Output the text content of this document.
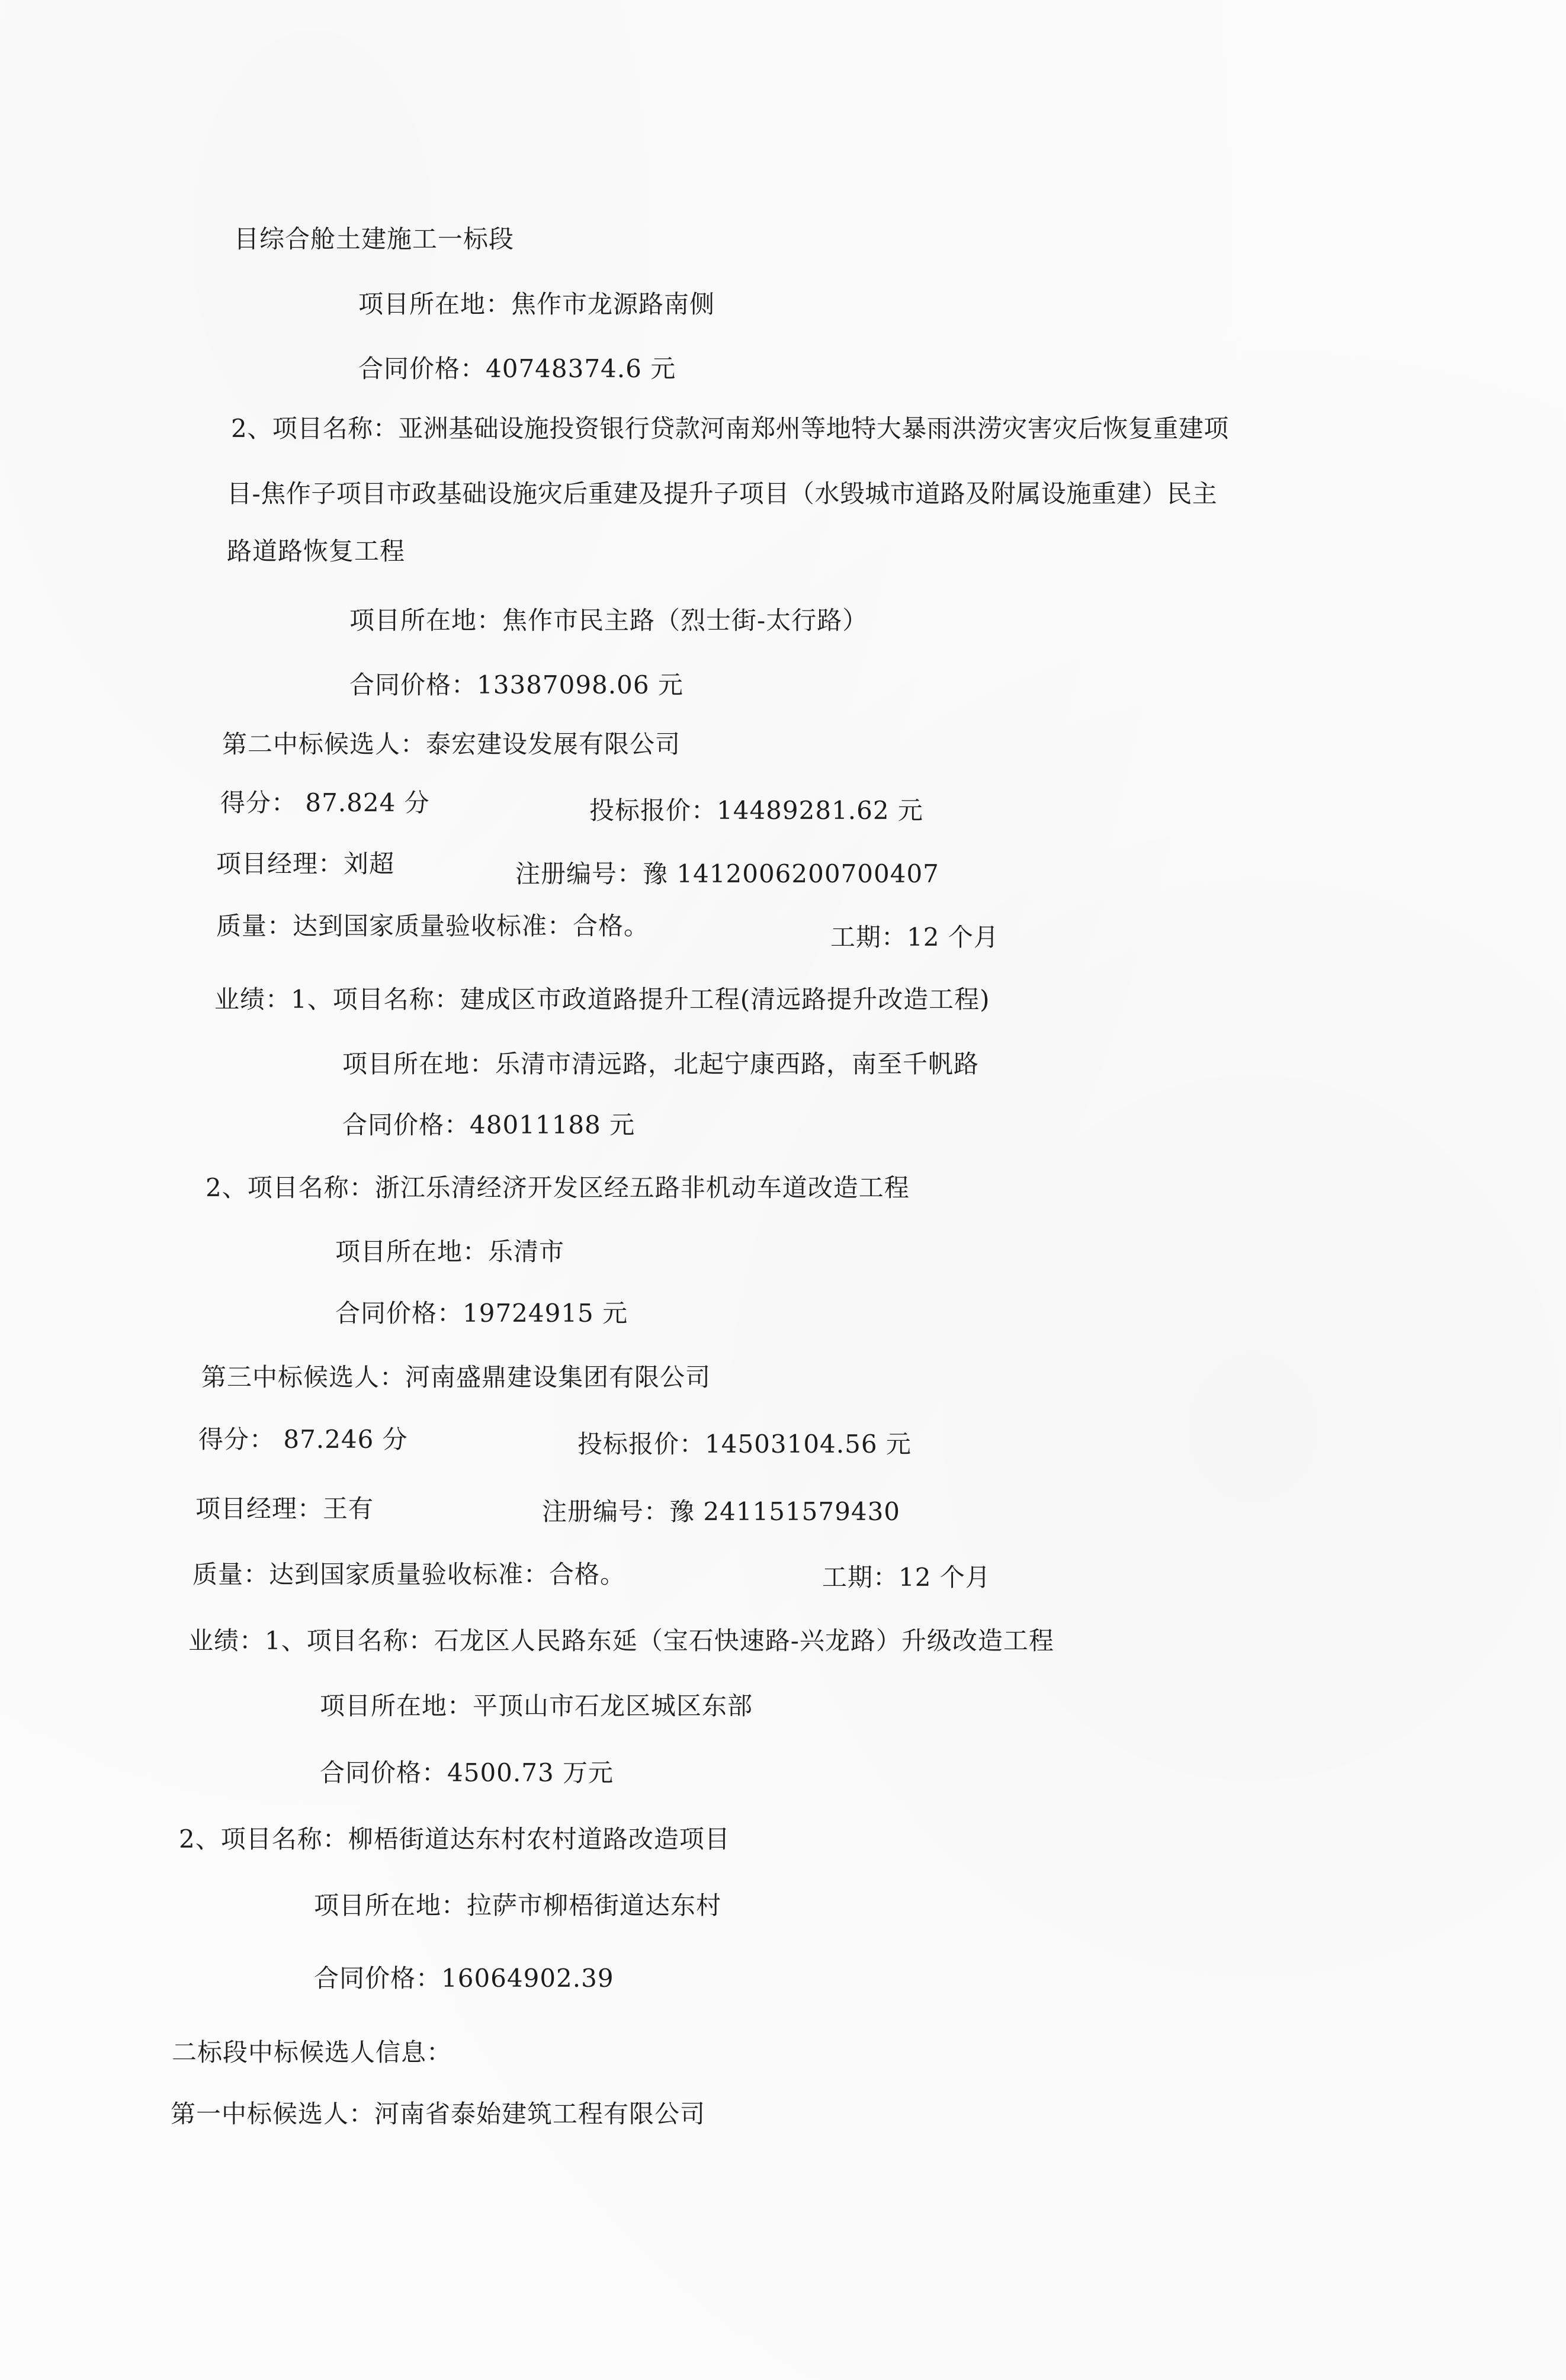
目综合舱土建施工一标段
项目所在地：焦作市龙源路南侧
合同价格：40748374.6 元
2、项目名称：亚洲基础设施投资银行贷款河南郑州等地特大暴雨洪涝灾害灾后恢复重建项
目-焦作子项目市政基础设施灾后重建及提升子项目（水毁城市道路及附属设施重建）民主
路道路恢复工程
项目所在地：焦作市民主路（烈士街-太行路）
合同价格：13387098.06 元
第二中标候选人：泰宏建设发展有限公司
得分： 87.824 分	投标报价：14489281.62 元
项目经理：刘超	注册编号：豫 1412006200700407
质量：达到国家质量验收标准：合格。	工期：12 个月
业绩：1、项目名称：建成区市政道路提升工程(清远路提升改造工程)
项目所在地：乐清市清远路，北起宁康西路，南至千帆路
合同价格：48011188 元
2、项目名称：浙江乐清经济开发区经五路非机动车道改造工程
项目所在地：乐清市
合同价格：19724915 元
第三中标候选人：河南盛鼎建设集团有限公司
得分： 87.246 分	投标报价：14503104.56 元
项目经理：王有	注册编号：豫 241151579430
质量：达到国家质量验收标准：合格。	工期：12 个月
业绩：1、项目名称：石龙区人民路东延（宝石快速路-兴龙路）升级改造工程
项目所在地：平顶山市石龙区城区东部
合同价格：4500.73 万元
2、项目名称：柳梧街道达东村农村道路改造项目
项目所在地：拉萨市柳梧街道达东村
合同价格：16064902.39
二标段中标候选人信息：
第一中标候选人：河南省泰始建筑工程有限公司
